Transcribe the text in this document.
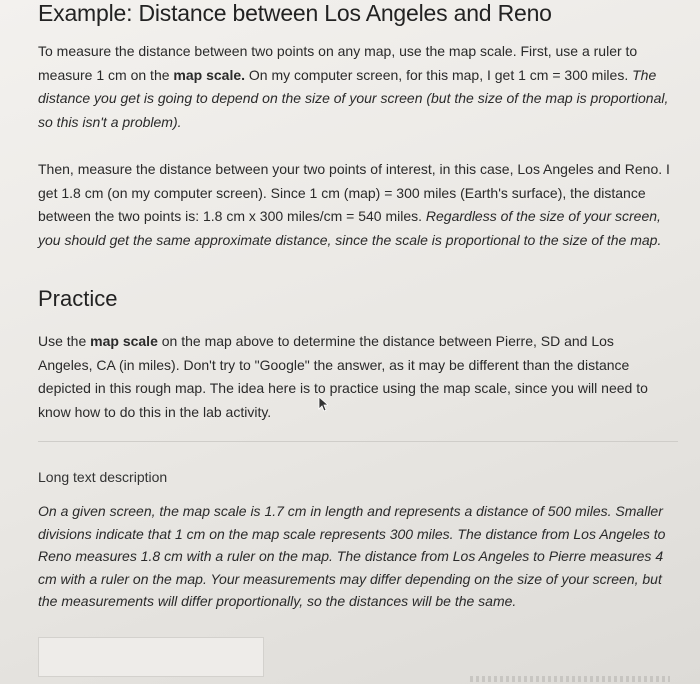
Example: Distance between Los Angeles and Reno

To measure the distance between two points on any map, use the map scale. First, use a ruler to measure 1 cm on the map scale. On my computer screen, for this map, I get 1 cm = 300 miles. The distance you get is going to depend on the size of your screen (but the size of the map is proportional, so this isn't a problem).

Then, measure the distance between your two points of interest, in this case, Los Angeles and Reno. I get 1.8 cm (on my computer screen). Since 1 cm (map) = 300 miles (Earth's surface), the distance between the two points is: 1.8 cm x 300 miles/cm = 540 miles. Regardless of the size of your screen, you should get the same approximate distance, since the scale is proportional to the size of the map.

Practice

Use the map scale on the map above to determine the distance between Pierre, SD and Los Angeles, CA (in miles). Don't try to "Google" the answer, as it may be different than the distance depicted in this rough map. The idea here is to practice using the map scale, since you will need to know how to do this in the lab activity.

Long text description

On a given screen, the map scale is 1.7 cm in length and represents a distance of 500 miles. Smaller divisions indicate that 1 cm on the map scale represents 300 miles. The distance from Los Angeles to Reno measures 1.8 cm with a ruler on the map. The distance from Los Angeles to Pierre measures 4 cm with a ruler on the map. Your measurements may differ depending on the size of your screen, but the measurements will differ proportionally, so the distances will be the same.
